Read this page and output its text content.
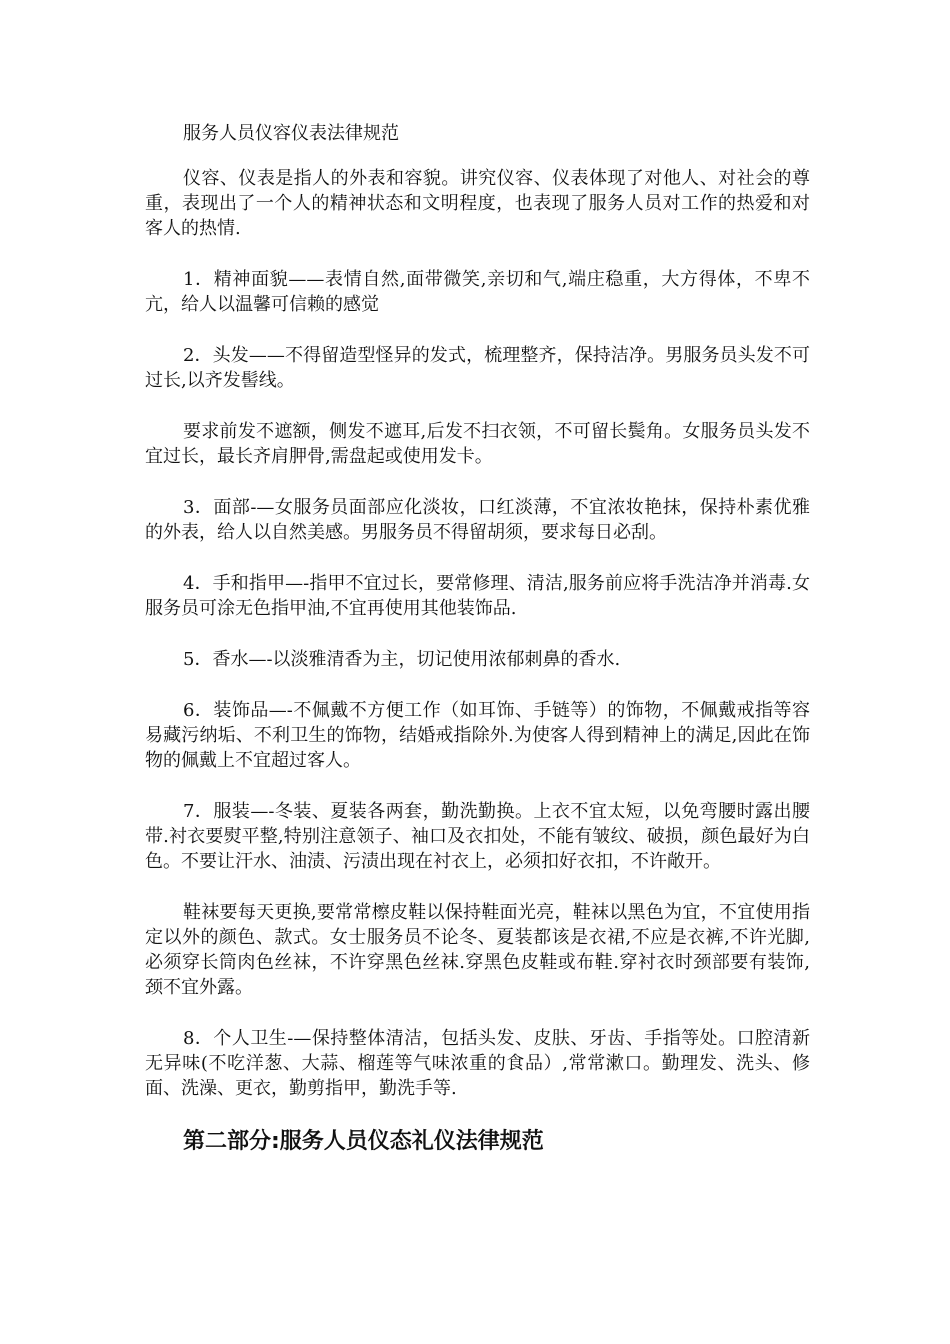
服务人员仪容仪表法律规范

仪容、仪表是指人的外表和容貌。讲究仪容、仪表体现了对他人、对社会的尊重，表现出了一个人的精神状态和文明程度，也表现了服务人员对工作的热爱和对客人的热情.

1．精神面貌——表情自然,面带微笑,亲切和气,端庄稳重，大方得体，不卑不亢，给人以温馨可信赖的感觉

2．头发——不得留造型怪异的发式，梳理整齐，保持洁净。男服务员头发不可过长,以齐发髻线。

要求前发不遮额，侧发不遮耳,后发不扫衣领，不可留长鬓角。女服务员头发不宜过长，最长齐肩胛骨,需盘起或使用发卡。

3．面部-—女服务员面部应化淡妆，口红淡薄，不宜浓妆艳抹，保持朴素优雅的外表，给人以自然美感。男服务员不得留胡须，要求每日必刮。

4．手和指甲—-指甲不宜过长，要常修理、清洁,服务前应将手洗洁净并消毒.女服务员可涂无色指甲油,不宜再使用其他装饰品.

5．香水—-以淡雅清香为主，切记使用浓郁刺鼻的香水.

6．装饰品—-不佩戴不方便工作（如耳饰、手链等）的饰物，不佩戴戒指等容易藏污纳垢、不利卫生的饰物，结婚戒指除外.为使客人得到精神上的满足,因此在饰物的佩戴上不宜超过客人。

7．服装—-冬装、夏装各两套，勤洗勤换。上衣不宜太短，以免弯腰时露出腰带.衬衣要熨平整,特别注意领子、袖口及衣扣处，不能有皱纹、破损，颜色最好为白色。不要让汗水、油渍、污渍出现在衬衣上，必须扣好衣扣，不许敞开。

鞋袜要每天更换,要常常檫皮鞋以保持鞋面光亮，鞋袜以黑色为宜，不宜使用指定以外的颜色、款式。女士服务员不论冬、夏装都该是衣裙,不应是衣裤,不许光脚,必须穿长筒肉色丝袜，不许穿黑色丝袜.穿黑色皮鞋或布鞋.穿衬衣时颈部要有装饰,颈不宜外露。

8．个人卫生-—保持整体清洁，包括头发、皮肤、牙齿、手指等处。口腔清新无异味(不吃洋葱、大蒜、榴莲等气味浓重的食品）,常常漱口。勤理发、洗头、修面、洗澡、更衣，勤剪指甲，勤洗手等.

第二部分:服务人员仪态礼仪法律规范
